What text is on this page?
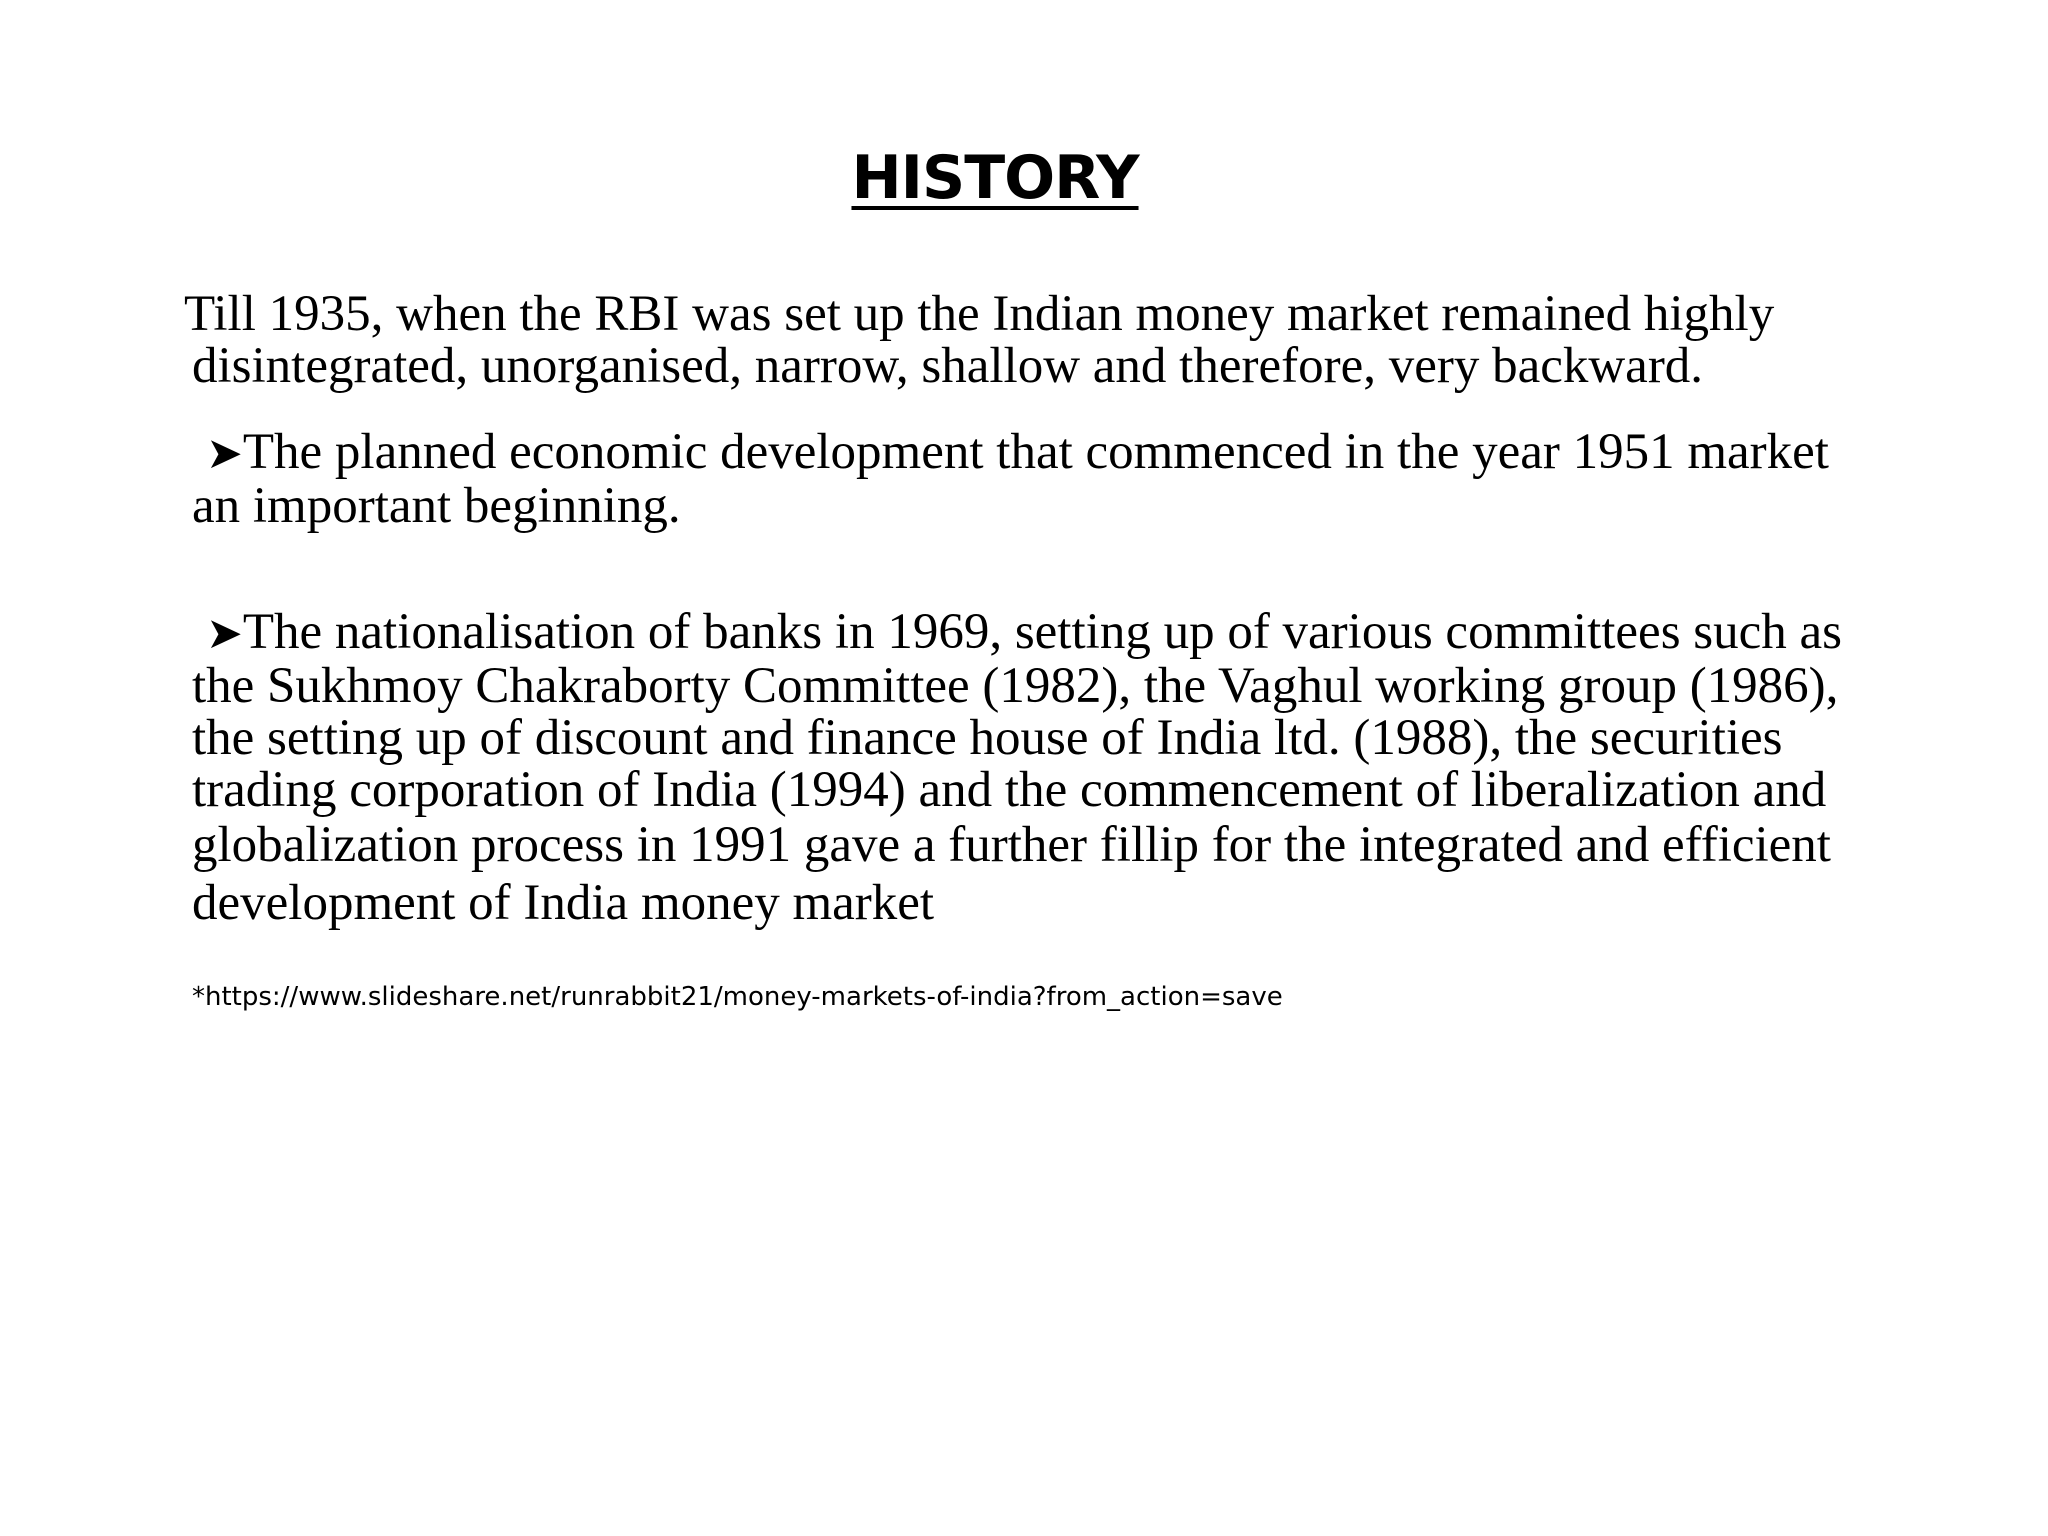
HISTORY
Till 1935, when the RBI was set up the Indian money market remained highly
disintegrated, unorganised, narrow, shallow and therefore, very backward.
➤The planned economic development that commenced in the year 1951 market
an important beginning.
➤The nationalisation of banks in 1969, setting up of various committees such as
the Sukhmoy Chakraborty Committee (1982), the Vaghul working group (1986),
the setting up of discount and finance house of India ltd. (1988), the securities
trading corporation of India (1994) and the commencement of liberalization and
globalization process in 1991 gave a further fillip for the integrated and efficient
development of India money market
*https://www.slideshare.net/runrabbit21/money-markets-of-india?from_action=save
